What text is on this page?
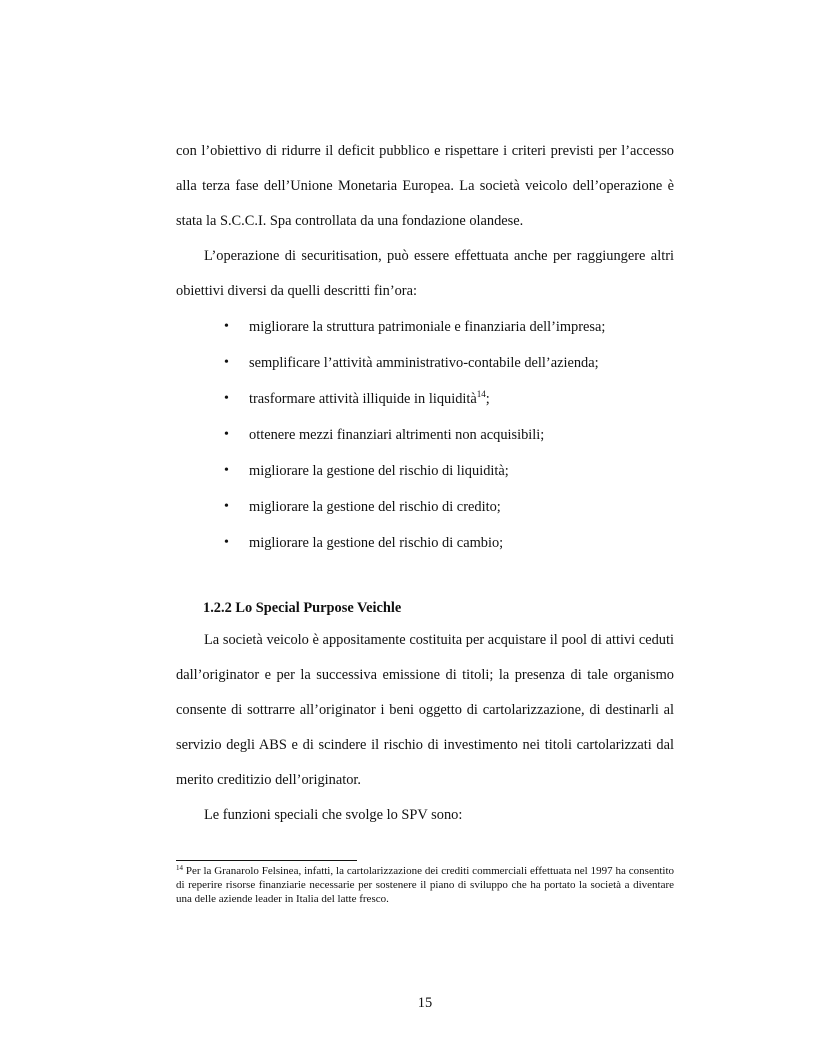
con l’obiettivo di ridurre il deficit pubblico e rispettare i criteri previsti per l’accesso alla terza fase dell’Unione Monetaria Europea. La società veicolo dell’operazione è stata la S.C.C.I. Spa controllata da una fondazione olandese.

L’operazione di securitisation, può essere effettuata anche per raggiungere altri obiettivi diversi da quelli descritti fin’ora:

• migliorare la struttura patrimoniale e finanziaria dell’impresa;
• semplificare l’attività amministrativo-contabile dell’azienda;
• trasformare attività illiquide in liquidità$^{14}$;
• ottenere mezzi finanziari altrimenti non acquisibili;
• migliorare la gestione del rischio di liquidità;
• migliorare la gestione del rischio di credito;
• migliorare la gestione del rischio di cambio;
1.2.2 Lo Special Purpose Veichle

La società veicolo è appositamente costituita per acquistare il pool di attivi ceduti dall’originator e per la successiva emissione di titoli; la presenza di tale organismo consente di sottrarre all’originator i beni oggetto di cartolarizzazione, di destinarli al servizio degli ABS e di scindere il rischio di investimento nei titoli cartolarizzati dal merito creditizio dell’originator.

Le funzioni speciali che svolge lo SPV sono:

$^{14}$ Per la Granarolo Felsinea, infatti, la cartolarizzazione dei crediti commerciali effettuata nel 1997 ha consentito di reperire risorse finanziarie necessarie per sostenere il piano di sviluppo che ha portato la società a diventare una delle aziende leader in Italia del latte fresco.

15
